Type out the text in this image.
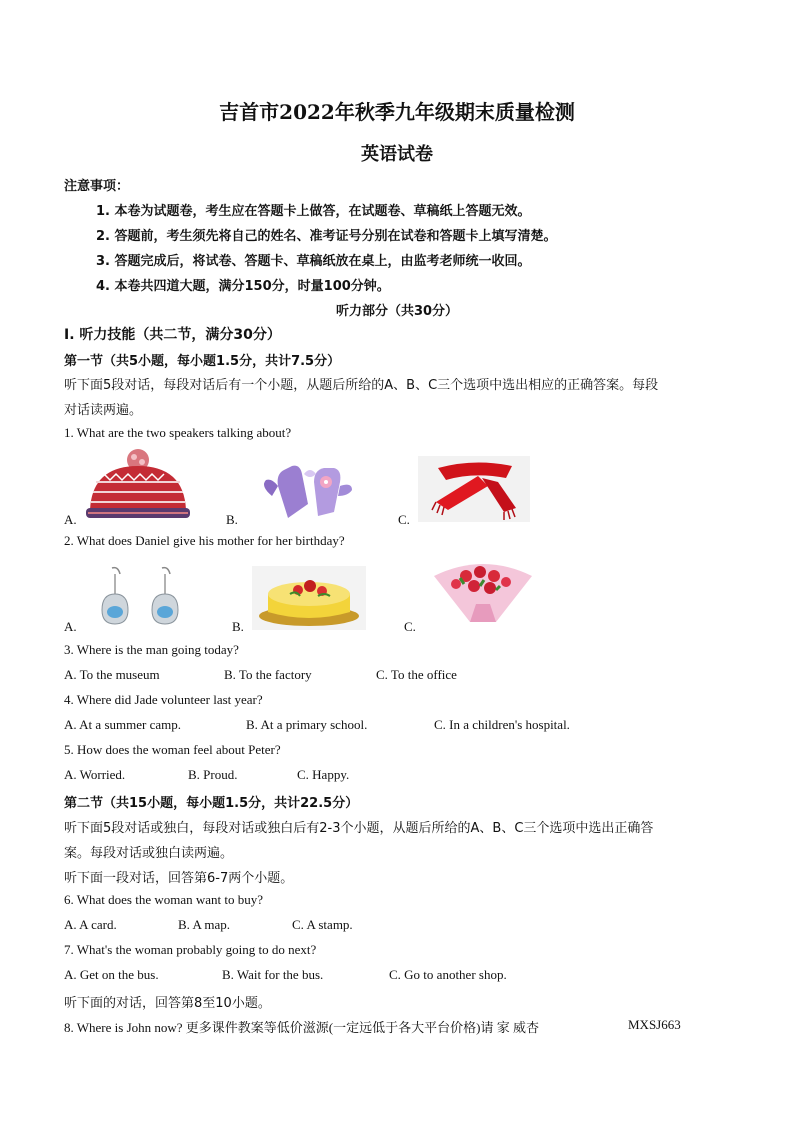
吉首市2022年秋季九年级期末质量检测
英语试卷
注意事项：
1. 本卷为试题卷，考生应在答题卡上做答，在试题卷、草稿纸上答题无效。
2. 答题前，考生须先将自己的姓名、准考证号分别在试卷和答题卡上填写清楚。
3. 答题完成后，将试卷、答题卡、草稿纸放在桌上，由监考老师统一收回。
4. 本卷共四道大题，满分150分，时量100分钟。
听力部分（共30分）
I. 听力技能（共二节，满分30分）
第一节（共5小题，每小题1.5分，共计7.5分）
听下面5段对话，每段对话后有一个小题，从题后所给的A、B、C三个选项中选出相应的正确答案。每段
对话读两遍。
1. What are the two speakers talking about?
A.	B.	C.
2. What does Daniel give his mother for her birthday?
A.	B.	C.
3. Where is the man going today?
A. To the museum	B. To the factory	C. To the office
4. Where did Jade volunteer last year?
A. At a summer camp.	B. At a primary school.	C. In a children's hospital.
5. How does the woman feel about Peter?
A. Worried.	B. Proud.	C. Happy.
第二节（共15小题，每小题1.5分，共计22.5分）
听下面5段对话或独白，每段对话或独白后有2-3个小题，从题后所给的A、B、C三个选项中选出正确答
案。每段对话或独白读两遍。
听下面一段对话，回答第6-7两个小题。
6. What does the woman want to buy?
A. A card.	B. A map.	C. A stamp.
7. What's the woman probably going to do next?
A. Get on the bus.	B. Wait for the bus.	C. Go to another shop.
听下面的对话，回答第8至10小题。
8. Where is John now? 更多课件教案等低价滋源(一定远低于各大平台价格)请 家 威杏	MXSJ663
